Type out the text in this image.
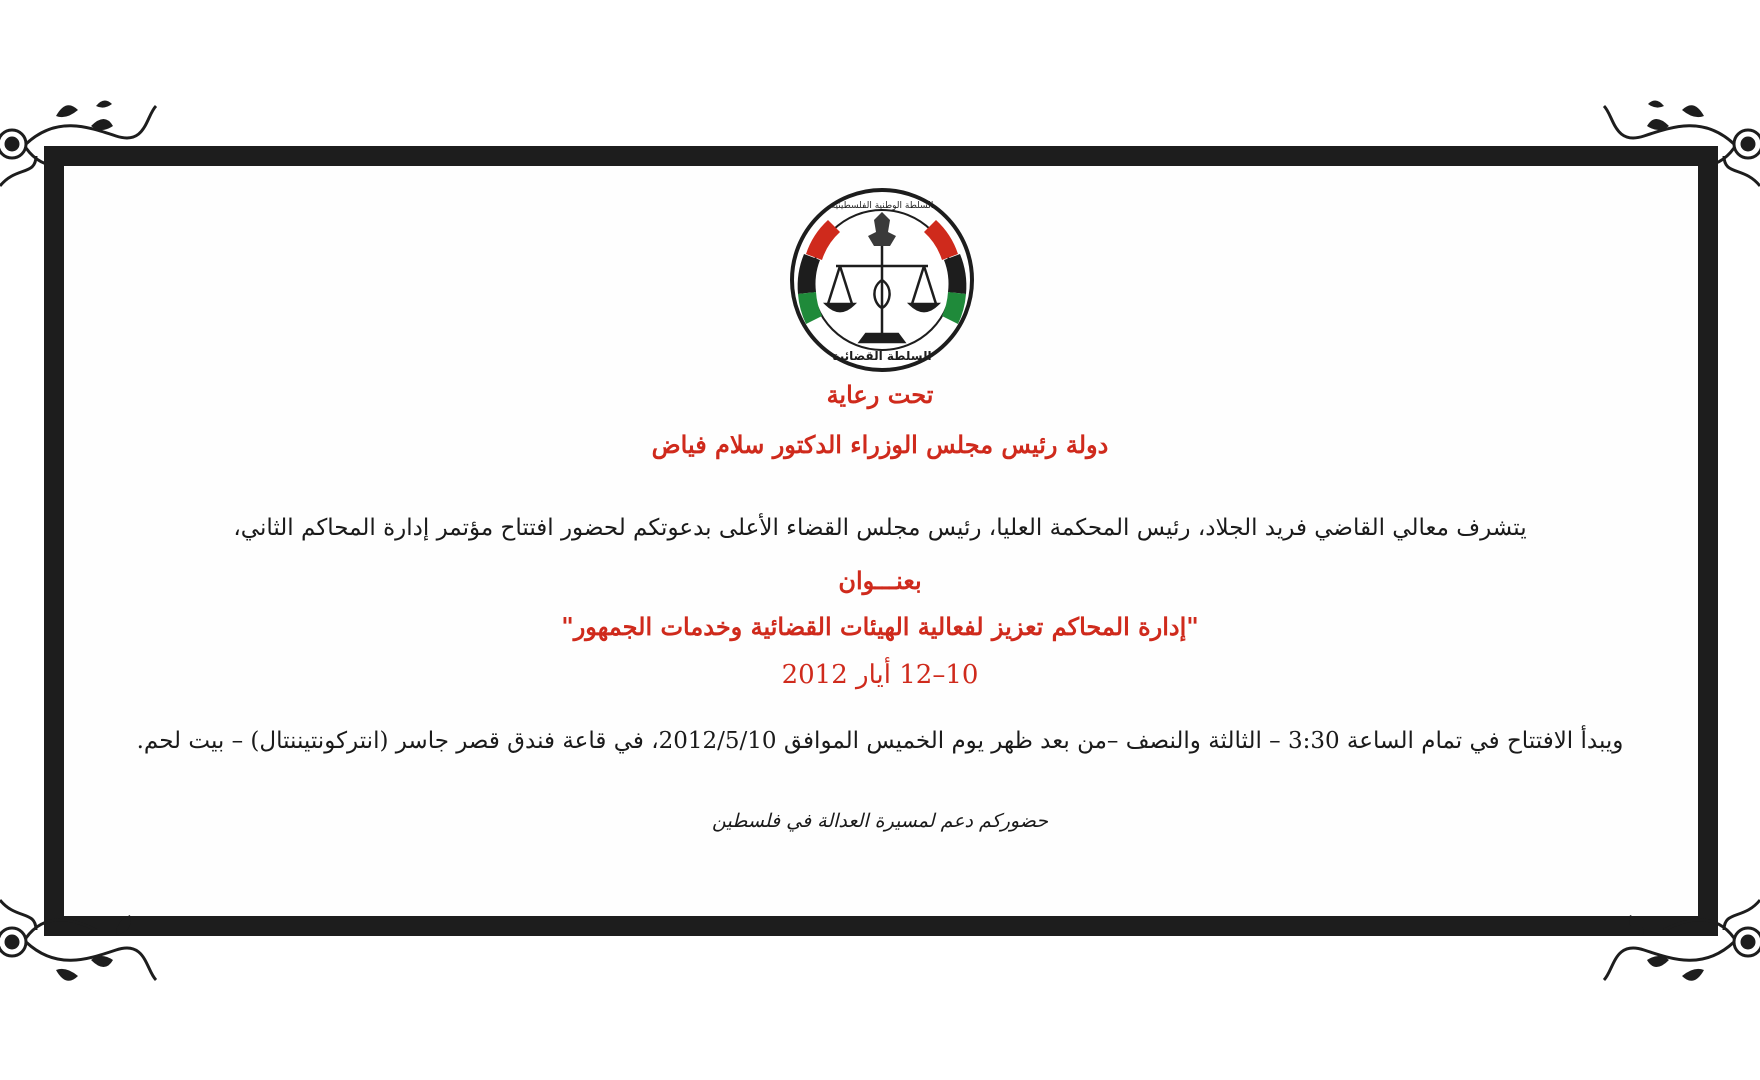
السلطة الوطنية الفلسطينية
السلطة القضائية
تحت رعاية
دولة رئيس مجلس الوزراء الدكتور سلام فياض
يتشرف معالي القاضي فريد الجلاد، رئيس المحكمة العليا، رئيس مجلس القضاء الأعلى بدعوتكم لحضور افتتاح مؤتمر إدارة المحاكم الثاني،
بعنـــوان
"إدارة المحاكم تعزيز لفعالية الهيئات القضائية وخدمات الجمهور"
10–12 أيار 2012
ويبدأ الافتتاح في تمام الساعة 3:30 – الثالثة والنصف –من بعد ظهر يوم الخميس الموافق 2012/5/10، في قاعة فندق قصر جاسر (انتركونتيننتال) – بيت لحم.
حضوركم دعم لمسيرة العدالة في فلسطين
